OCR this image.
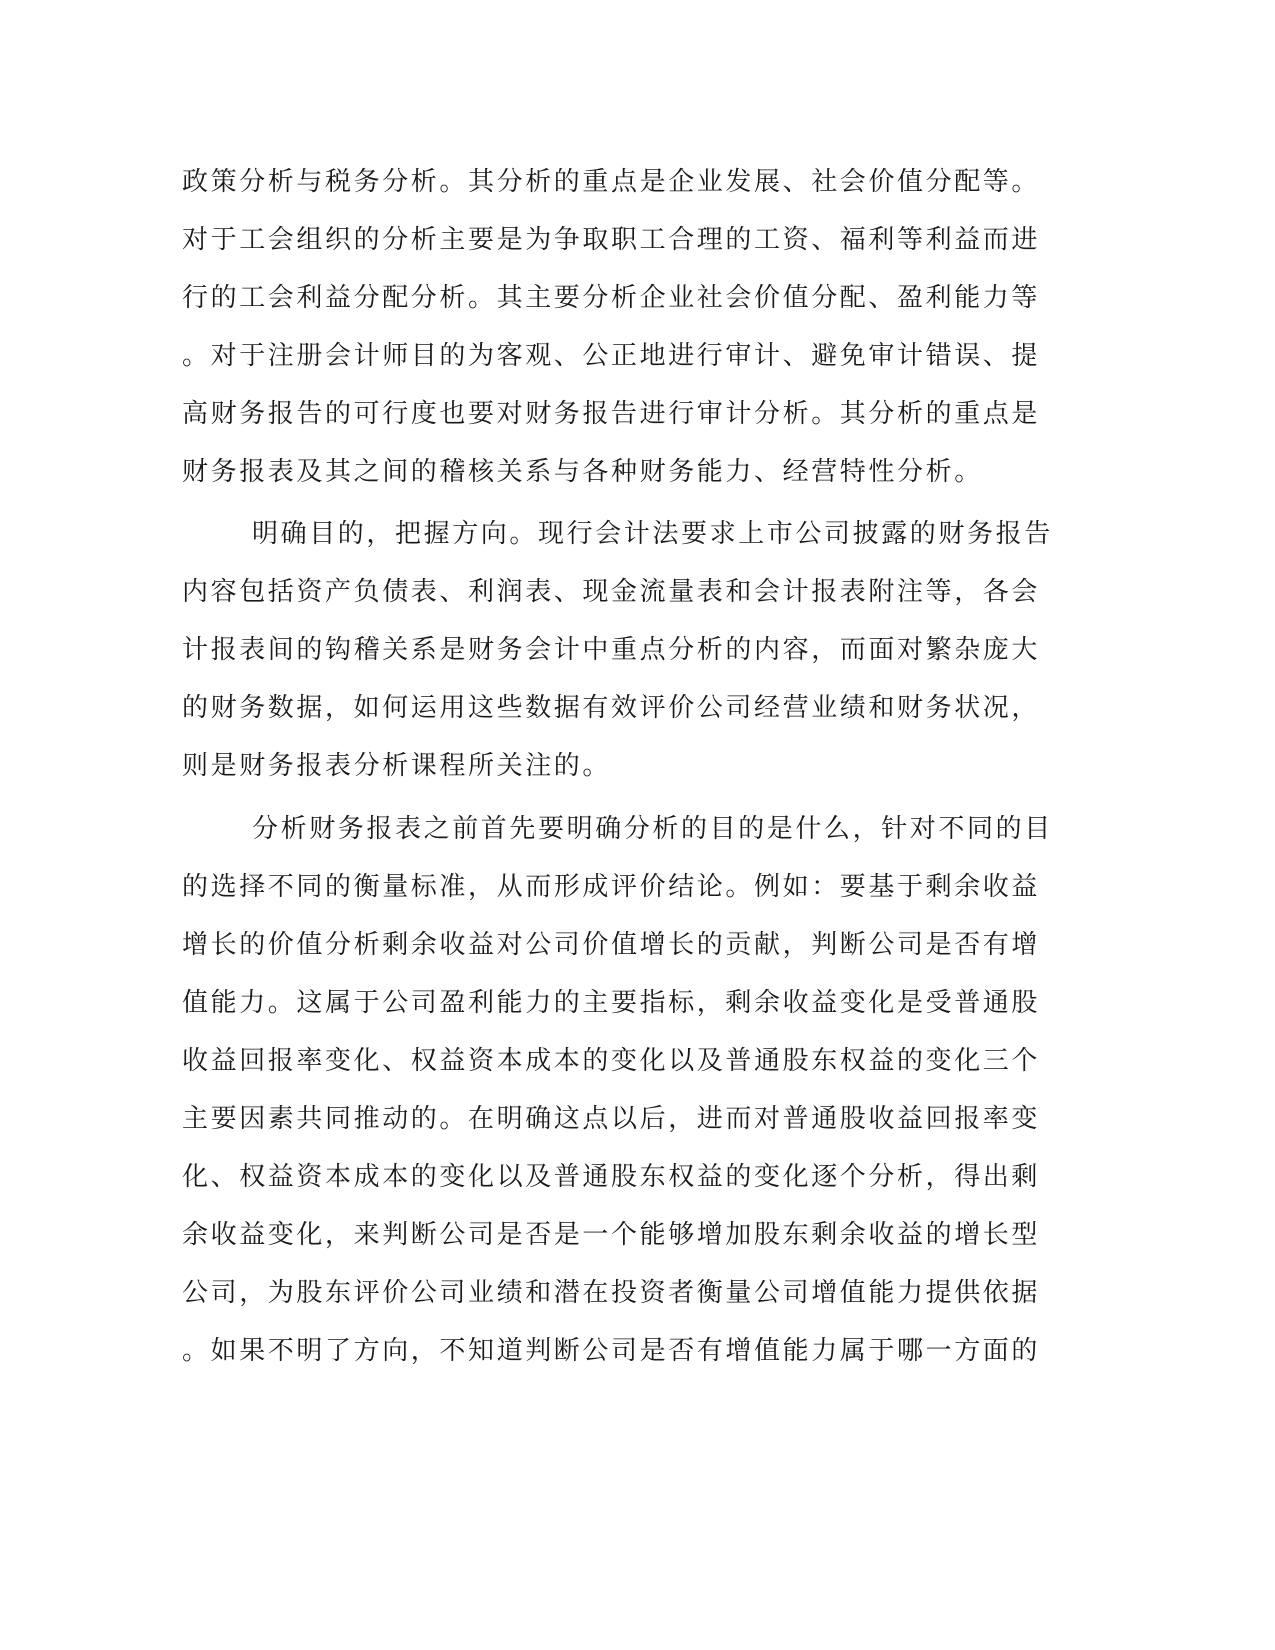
政策分析与税务分析。其分析的重点是企业发展、社会价值分配等。
对于工会组织的分析主要是为争取职工合理的工资、福利等利益而进
行的工会利益分配分析。其主要分析企业社会价值分配、盈利能力等
。对于注册会计师目的为客观、公正地进行审计、避免审计错误、提
高财务报告的可行度也要对财务报告进行审计分析。其分析的重点是
财务报表及其之间的稽核关系与各种财务能力、经营特性分析。
明确目的，把握方向。现行会计法要求上市公司披露的财务报告
内容包括资产负债表、利润表、现金流量表和会计报表附注等，各会
计报表间的钩稽关系是财务会计中重点分析的内容，而面对繁杂庞大
的财务数据，如何运用这些数据有效评价公司经营业绩和财务状况，
则是财务报表分析课程所关注的。
分析财务报表之前首先要明确分析的目的是什么，针对不同的目
的选择不同的衡量标准，从而形成评价结论。例如：要基于剩余收益
增长的价值分析剩余收益对公司价值增长的贡献，判断公司是否有增
值能力。这属于公司盈利能力的主要指标，剩余收益变化是受普通股
收益回报率变化、权益资本成本的变化以及普通股东权益的变化三个
主要因素共同推动的。在明确这点以后，进而对普通股收益回报率变
化、权益资本成本的变化以及普通股东权益的变化逐个分析，得出剩
余收益变化，来判断公司是否是一个能够增加股东剩余收益的增长型
公司，为股东评价公司业绩和潜在投资者衡量公司增值能力提供依据
。如果不明了方向，不知道判断公司是否有增值能力属于哪一方面的
